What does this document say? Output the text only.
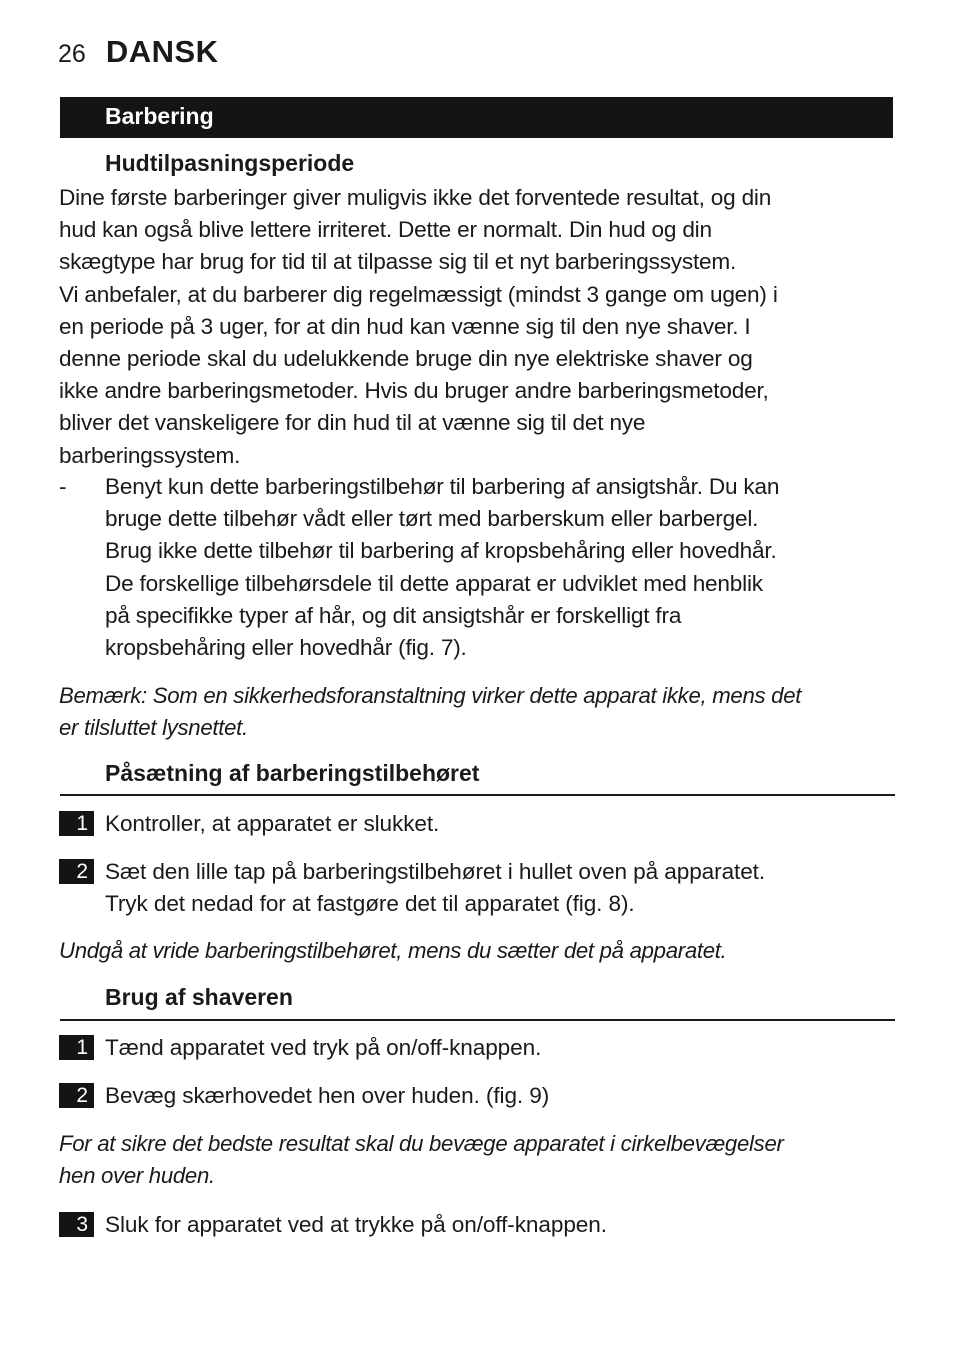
26 DANSK
Barbering
Hudtilpasningsperiode

Dine første barberinger giver muligvis ikke det forventede resultat, og din

hud kan også blive lettere irriteret. Dette er normalt. Din hud og din

skægtype har brug for tid til at tilpasse sig til et nyt barberingssystem.

Vi anbefaler, at du barberer dig regelmæssigt (mindst 3 gange om ugen) i

en periode på 3 uger, for at din hud kan vænne sig til den nye shaver. I

denne periode skal du udelukkende bruge din nye elektriske shaver og

ikke andre barberingsmetoder. Hvis du bruger andre barberingsmetoder,

bliver det vanskeligere for din hud til at vænne sig til det nye

barberingssystem.

-	Benyt kun dette barberingstilbehør til barbering af ansigtshår. Du kan
bruge dette tilbehør vådt eller tørt med barberskum eller barbergel.
Brug ikke dette tilbehør til barbering af kropsbehåring eller hovedhår.
De forskellige tilbehørsdele til dette apparat er udviklet med henblik
på specifikke typer af hår, og dit ansigtshår er forskelligt fra
kropsbehåring eller hovedhår (fig. 7).
Bemærk: Som en sikkerhedsforanstaltning virker dette apparat ikke, mens det
er tilsluttet lysnettet.
Påsætning af barberingstilbehøret
1 Kontroller, at apparatet er slukket.
2 Sæt den lille tap på barberingstilbehøret i hullet oven på apparatet.
Tryk det nedad for at fastgøre det til apparatet (fig. 8).
Undgå at vride barberingstilbehøret, mens du sætter det på apparatet.
Brug af shaveren
1 Tænd apparatet ved tryk på on/off-knappen.
2 Bevæg skærhovedet hen over huden. (fig. 9)
For at sikre det bedste resultat skal du bevæge apparatet i cirkelbevægelser
hen over huden.
3 Sluk for apparatet ved at trykke på on/off-knappen.
